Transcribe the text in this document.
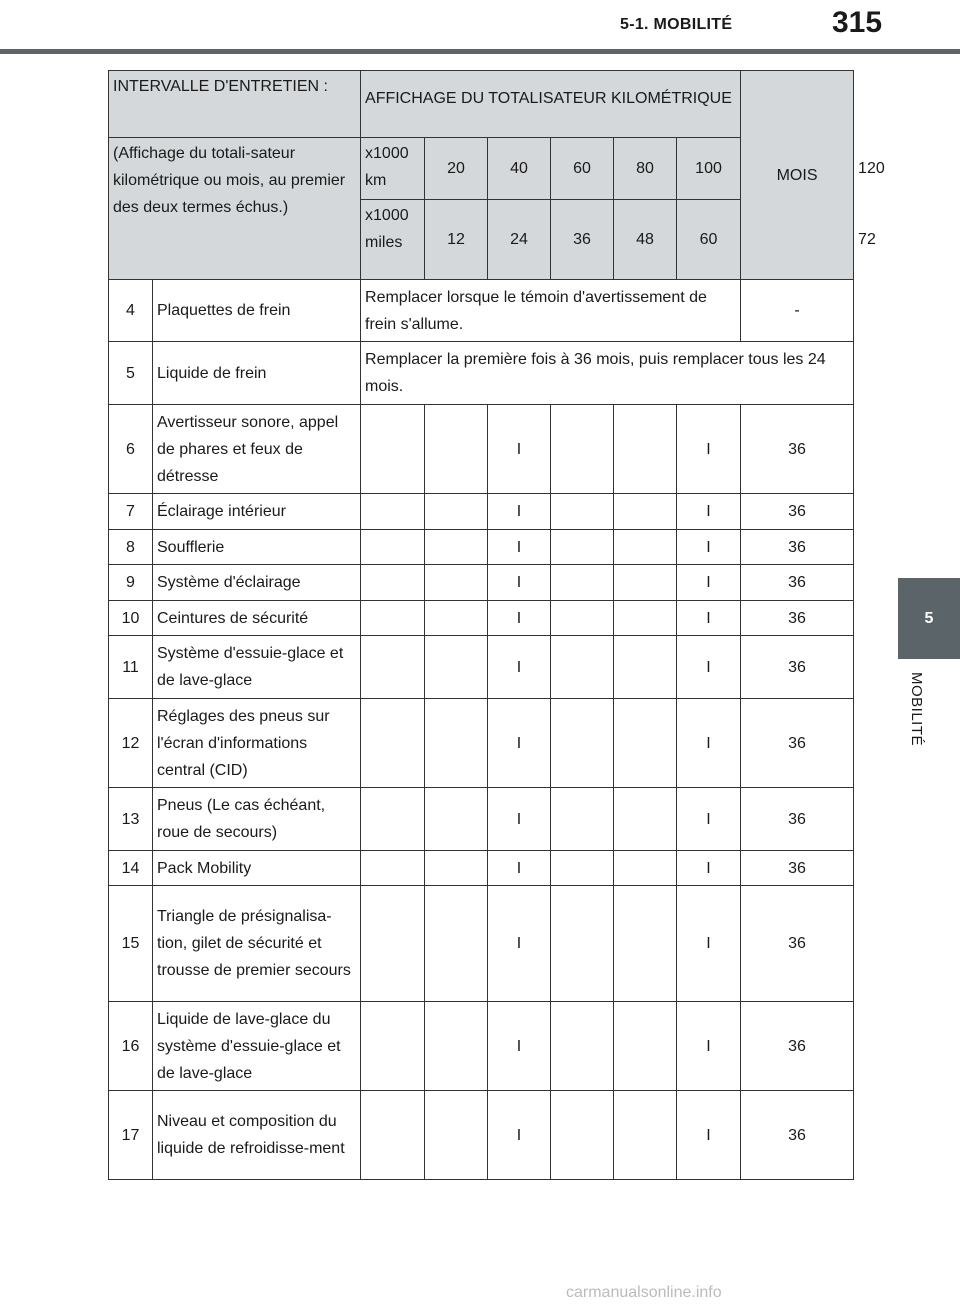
5-1. MOBILITÉ	315
5
MOBILITÉ
INTERVALLE D'ENTRETIEN :		AFFICHAGE DU TOTALISATEUR KILOMÉTRIQUE						MOIS	
(Affichage du totali-sateur kilométrique ou mois, au premier des deux termes échus.)		x1000 km	20	40	60	80	100		120
		x1000 miles	12	24	36	48	60		72
4	Plaquettes de frein	Remplacer lorsque le témoin d'avertissement de frein s'allume.						-	
5	Liquide de frein	Remplacer la première fois à 36 mois, puis remplacer tous les 24 mois.							
6	Avertisseur sonore, appel de phares et feux de détresse			I			I	36	
7	Éclairage intérieur			I			I	36	
8	Soufflerie			I			I	36	
9	Système d'éclairage			I			I	36	
10	Ceintures de sécurité			I			I	36	
11	Système d'essuie-glace et de lave-glace			I			I	36	
12	Réglages des pneus sur l'écran d'informations central (CID)			I			I	36	
13	Pneus (Le cas échéant, roue de secours)			I			I	36	
14	Pack Mobility			I			I	36	
15	Triangle de présignalisa-tion, gilet de sécurité et trousse de premier secours			I			I	36	
16	Liquide de lave-glace du système d'essuie-glace et de lave-glace			I			I	36	
17	Niveau et composition du liquide de refroidisse-ment			I			I	36	
carmanualsonline.info
